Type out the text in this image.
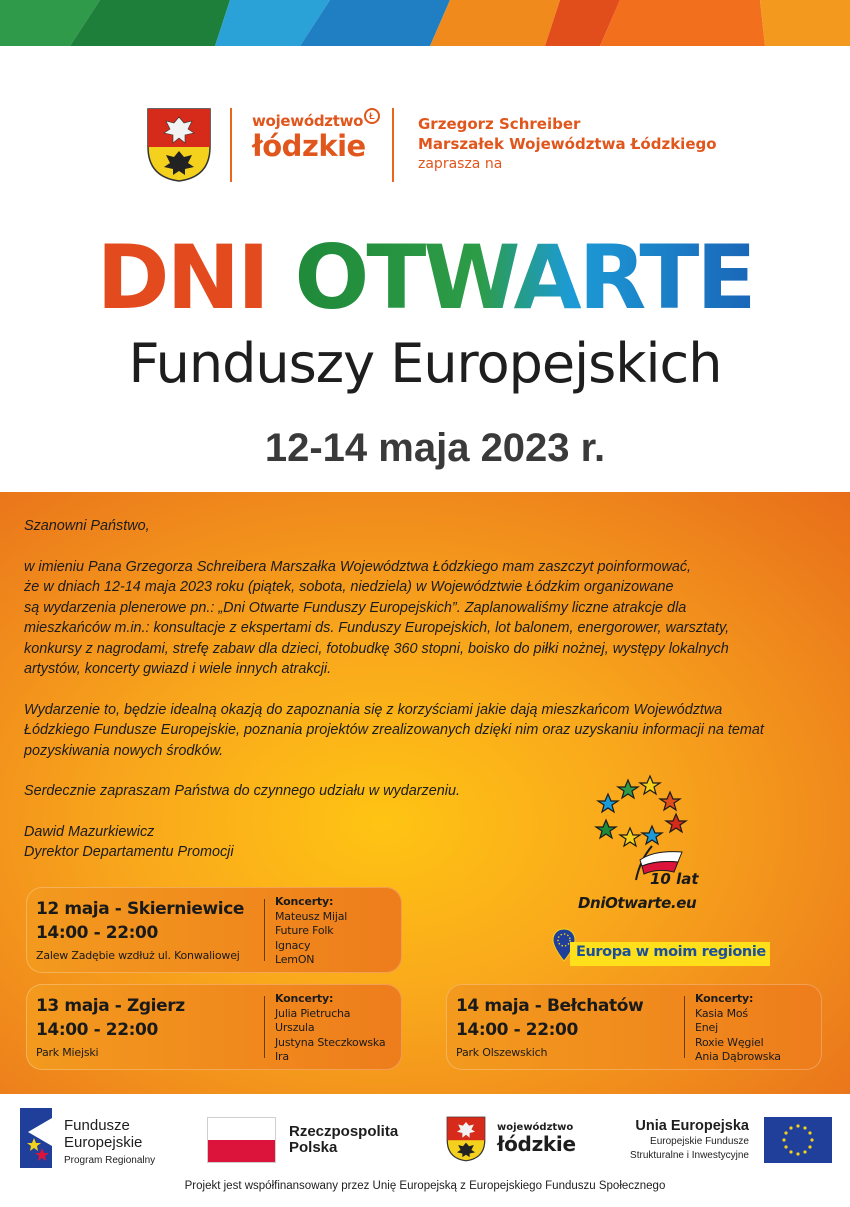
województwo
łódzkie
Ł	Grzegorz Schreiber
Marszałek Województwa Łódzkiego
zaprasza na
DNI OTWARTE
Funduszy Europejskich
12-14 maja 2023 r.

Szanowni Państwo,

w imieniu Pana Grzegorza Schreibera Marszałka Województwa Łódzkiego mam zaszczyt poinformować,

że w dniach 12-14 maja 2023 roku (piątek, sobota, niedziela) w Województwie Łódzkim organizowane

są wydarzenia plenerowe pn.: „Dni Otwarte Funduszy Europejskich”. Zaplanowaliśmy liczne atrakcje dla

mieszkańców m.in.: konsultacje z ekspertami ds. Funduszy Europejskich, lot balonem, energorower, warsztaty,

konkursy z nagrodami, strefę zabaw dla dzieci, fotobudkę 360 stopni, boisko do piłki nożnej, występy lokalnych

artystów, koncerty gwiazd i wiele innych atrakcji.

Wydarzenie to, będzie idealną okazją do zapoznania się z korzyściami jakie dają mieszkańcom Województwa

Łódzkiego Fundusze Europejskie, poznania projektów zrealizowanych dzięki nim oraz uzyskaniu informacji na temat

pozyskiwania nowych środków.

Serdecznie zapraszam Państwa do czynnego udziału w wydarzeniu.

Dawid Mazurkiewicz

Dyrektor Departamentu Promocji

12 maja - Skierniewice
14:00 - 22:00
Zalew Zadębie wzdłuż ul. Konwaliowej
Koncerty:
Mateusz Mijal
Future Folk
Ignacy
LemON
13 maja - Zgierz
14:00 - 22:00
Park Miejski
Koncerty:
Julia Pietrucha
Urszula
Justyna Steczkowska
Ira
14 maja - Bełchatów
14:00 - 22:00
Park Olszewskich
Koncerty:
Kasia Moś
Enej
Roxie Węgiel
Ania Dąbrowska
10 lat
DniOtwarte.eu
Europa w moim regionie
Fundusze
Europejskie
Program Regionalny
Rzeczpospolita
Polska
województwo
łódzkie
Unia Europejska
Europejskie Fundusze
Strukturalne i Inwestycyjne
Projekt jest współfinansowany przez Unię Europejską z Europejskiego Funduszu Społecznego
